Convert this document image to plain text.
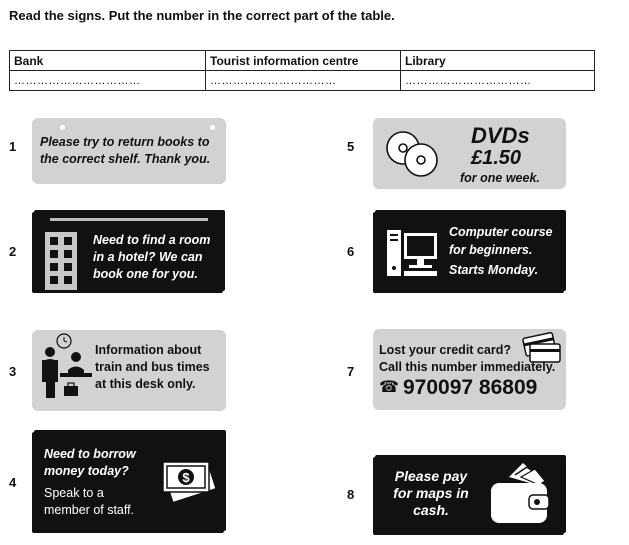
Read the signs. Put the number in the correct part of the table.
Bank	Tourist information centre	Library
……………………………	……………………………	……………………………
1 Please try to return books to
the correct shelf. Thank you.
2
Need to find a room
in a hotel? We can
book one for you.
3
Information about
train and bus times
at this desk only.
4
Need to borrow
money today?
Speak to a
member of staff.
$
5	DVDs
£1.50
for one week.
6
Computer course
for beginners.
Starts Monday.
7
Lost your credit card?
Call this number immediately.
☎ 970097 86809
8
Please pay
for maps in
cash.
